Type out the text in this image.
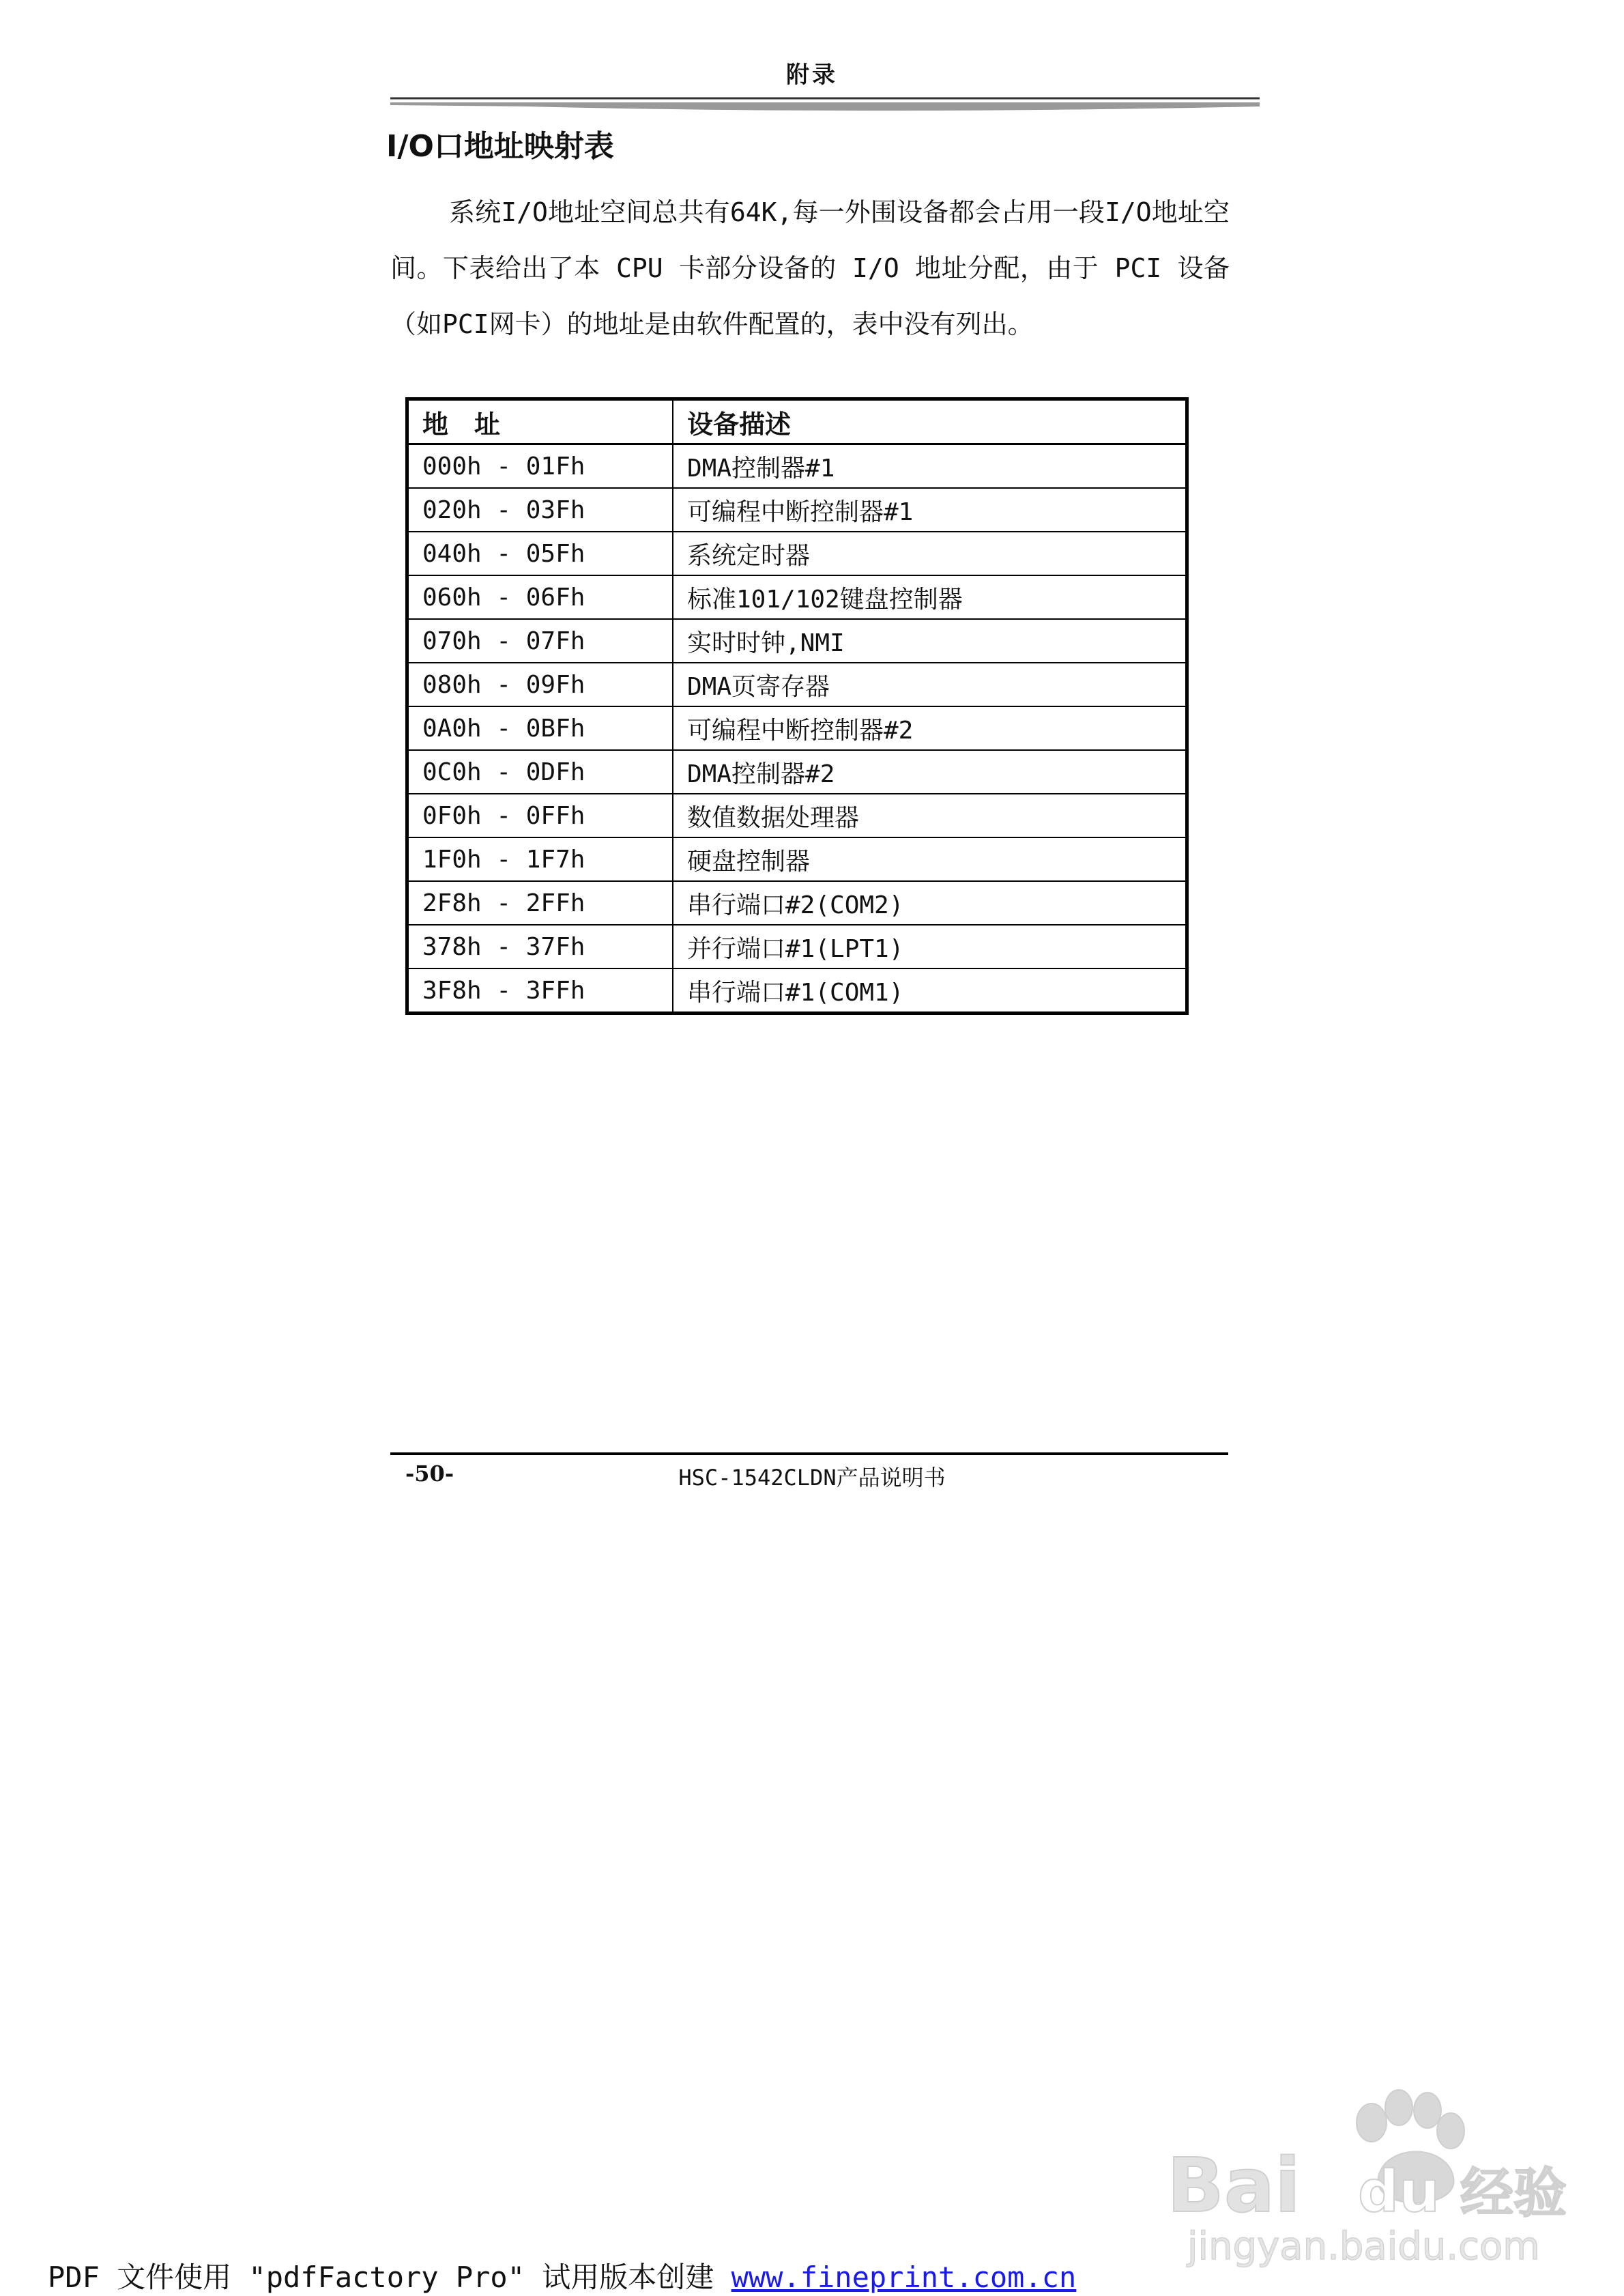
附录
I/O口地址映射表
系统I/O地址空间总共有64K,每一外围设备都会占用一段I/O地址空间。下表给出了本 CPU 卡部分设备的 I/O 地址分配，由于 PCI 设备（如PCI网卡）的地址是由软件配置的，表中没有列出。
地　址	设备描述
000h - 01Fh	DMA控制器#1
020h - 03Fh	可编程中断控制器#1
040h - 05Fh	系统定时器
060h - 06Fh	标准101/102键盘控制器
070h - 07Fh	实时时钟,NMI
080h - 09Fh	DMA页寄存器
0A0h - 0BFh	可编程中断控制器#2
0C0h - 0DFh	DMA控制器#2
0F0h - 0FFh	数值数据处理器
1F0h - 1F7h	硬盘控制器
2F8h - 2FFh	串行端口#2(COM2)
378h - 37Fh	并行端口#1(LPT1)
3F8h - 3FFh	串行端口#1(COM1)
-50-	HSC-1542CLDN产品说明书
Bai du 经验
jingyan.baidu.com
PDF 文件使用 "pdfFactory Pro" 试用版本创建 www.fineprint.com.cn
